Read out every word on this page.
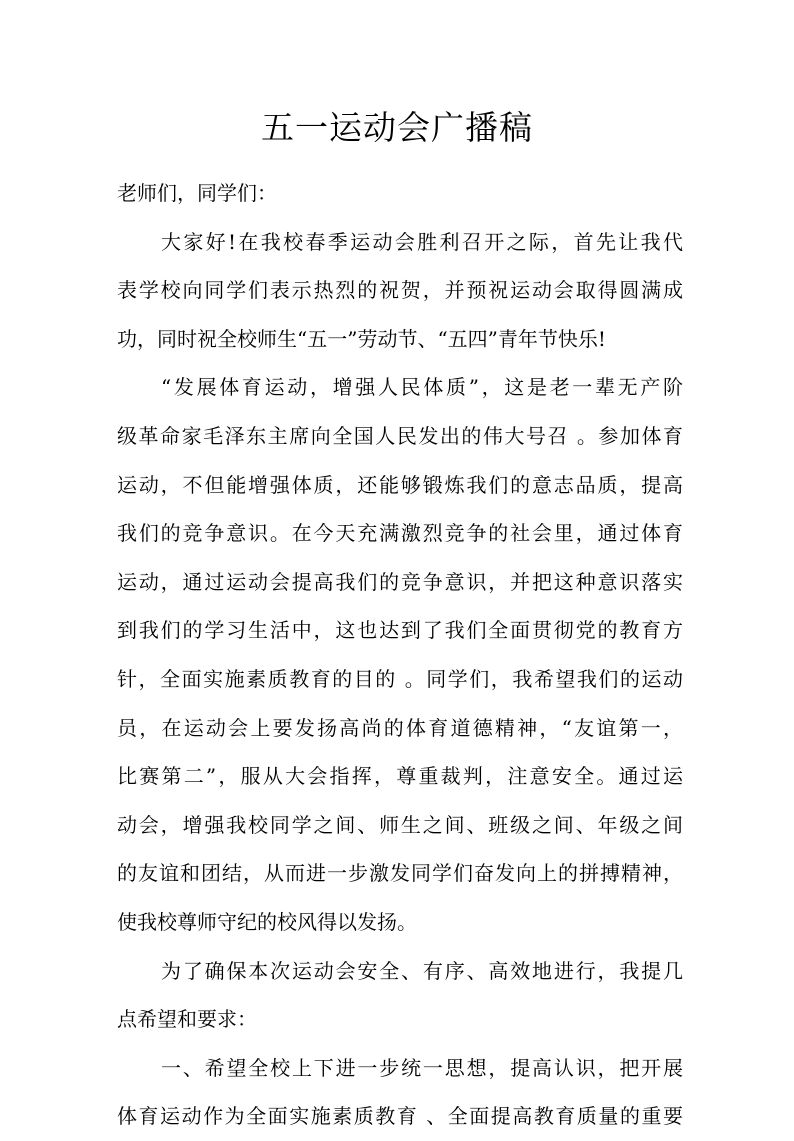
五一运动会广播稿

老师们，同学们：

大家好!在我校春季运动会胜利召开之际，首先让我代
表学校向同学们表示热烈的祝贺，并预祝运动会取得圆满成
功，同时祝全校师生“五一”劳动节、“五四”青年节快乐!

“发展体育运动，增强人民体质”，这是老一辈无产阶
级革命家毛泽东主席向全国人民发出的伟大号召 。参加体育
运动，不但能增强体质，还能够锻炼我们的意志品质，提高
我们的竞争意识。在今天充满激烈竞争的社会里，通过体育
运动，通过运动会提高我们的竞争意识，并把这种意识落实
到我们的学习生活中，这也达到了我们全面贯彻党的教育方
针，全面实施素质教育的目的 。同学们，我希望我们的运动
员，在运动会上要发扬高尚的体育道德精神，“友谊第一，
比赛第二”，服从大会指挥，尊重裁判，注意安全。通过运
动会，增强我校同学之间、师生之间、班级之间、年级之间
的友谊和团结，从而进一步激发同学们奋发向上的拼搏精神，
使我校尊师守纪的校风得以发扬。

为了确保本次运动会安全、有序、高效地进行，我提几
点希望和要求：

一、希望全校上下进一步统一思想，提高认识，把开展
体育运动作为全面实施素质教育 、全面提高教育质量的重要
